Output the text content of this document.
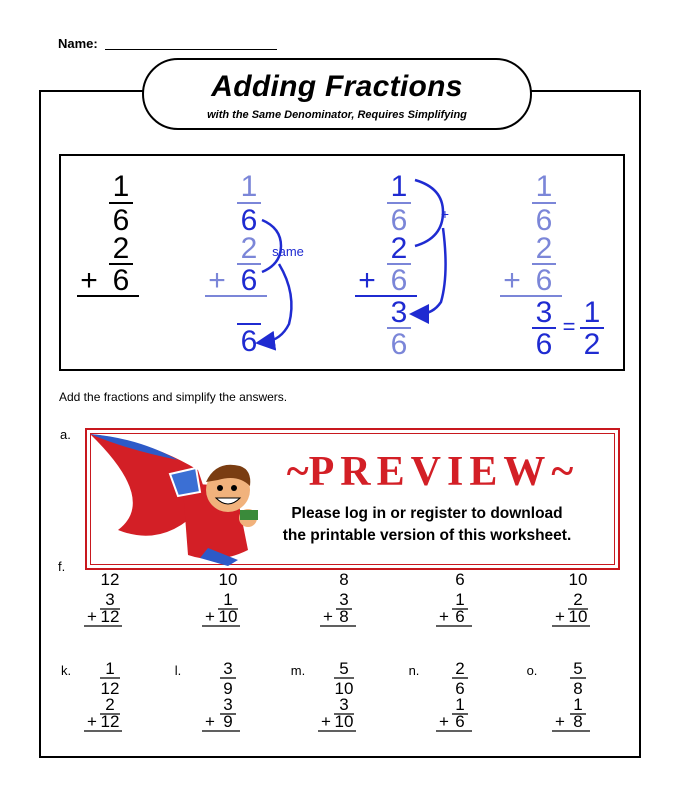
Name:
Adding Fractions
with the Same Denominator, Requires Simplifying
1
6
2
+ 6
1
6
2
+ 6
6
same
1
6
2
+ 6
3
6
+
1
6
2
+ 6
3
6
= 1
2
Add the fractions and simplify the answers.
a.
f.
12
3
+ 12
10
1
+ 10
8
3
+ 8
6
1
+ 6
10
2
+ 10
k. 1
12
2
+ 12
l. 3
9
3
+ 9
m. 5
10
3
+ 10
n. 2
6
1
+ 6
o. 5
8
1
+ 8
~PREVIEW~
Please log in or register to download
the printable version of this worksheet.
